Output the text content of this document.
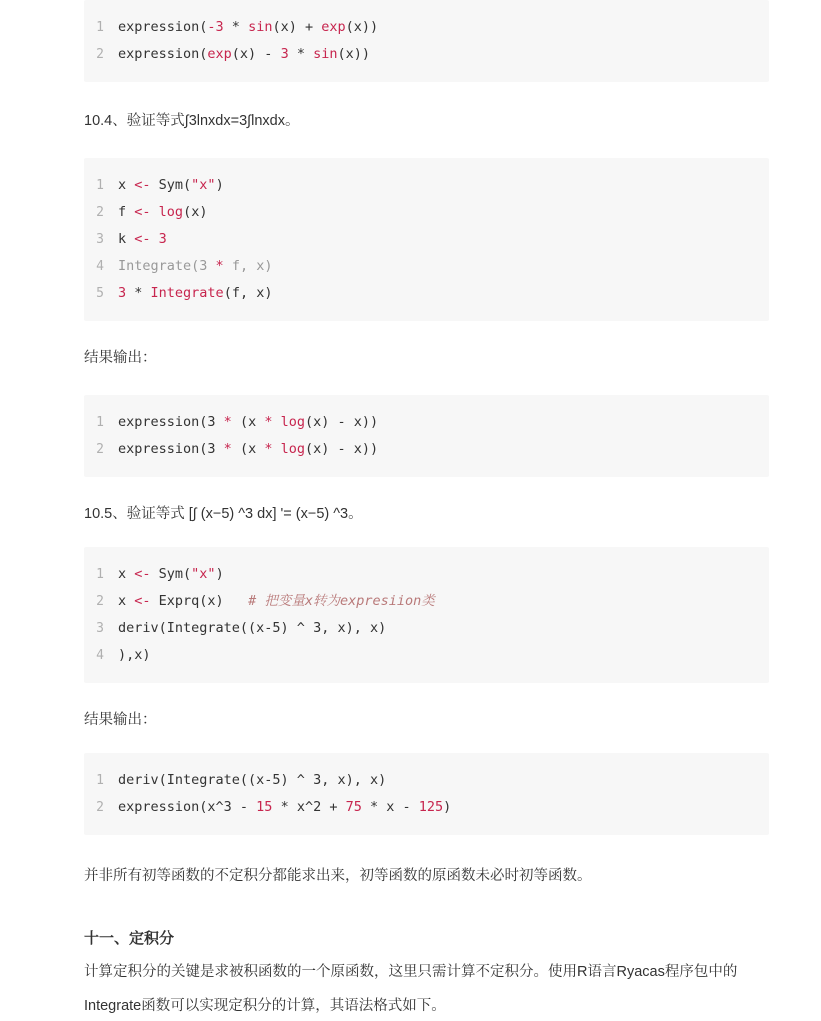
1	expression(-3 * sin(x) + exp(x))
2	expression(exp(x) - 3 * sin(x))

10.4、验证等式∫3lnxdx=3∫lnxdx。

1	x <- Sym("x")
2	f <- log(x)
3	k <- 3
4	Integrate(3 * f, x)
5	3 * Integrate(f, x)

结果输出：

1	expression(3 * (x * log(x) - x))
2	expression(3 * (x * log(x) - x))

10.5、验证等式 [∫ (x−5) ^3 dx] '= (x−5) ^3。

1	x <- Sym("x")
2	x <- Exprq(x)   # 把变量x转为expresiion类
3	deriv(Integrate((x-5) ^ 3, x), x)
4	),x)

结果输出：

1	deriv(Integrate((x-5) ^ 3, x), x)
2	expression(x^3 - 15 * x^2 + 75 * x - 125)

并非所有初等函数的不定积分都能求出来，初等函数的原函数未必时初等函数。

十一、定积分

计算定积分的关键是求被积函数的一个原函数，这里只需计算不定积分。使用R语言Ryacas程序包中的

Integrate函数可以实现定积分的计算，其语法格式如下。
